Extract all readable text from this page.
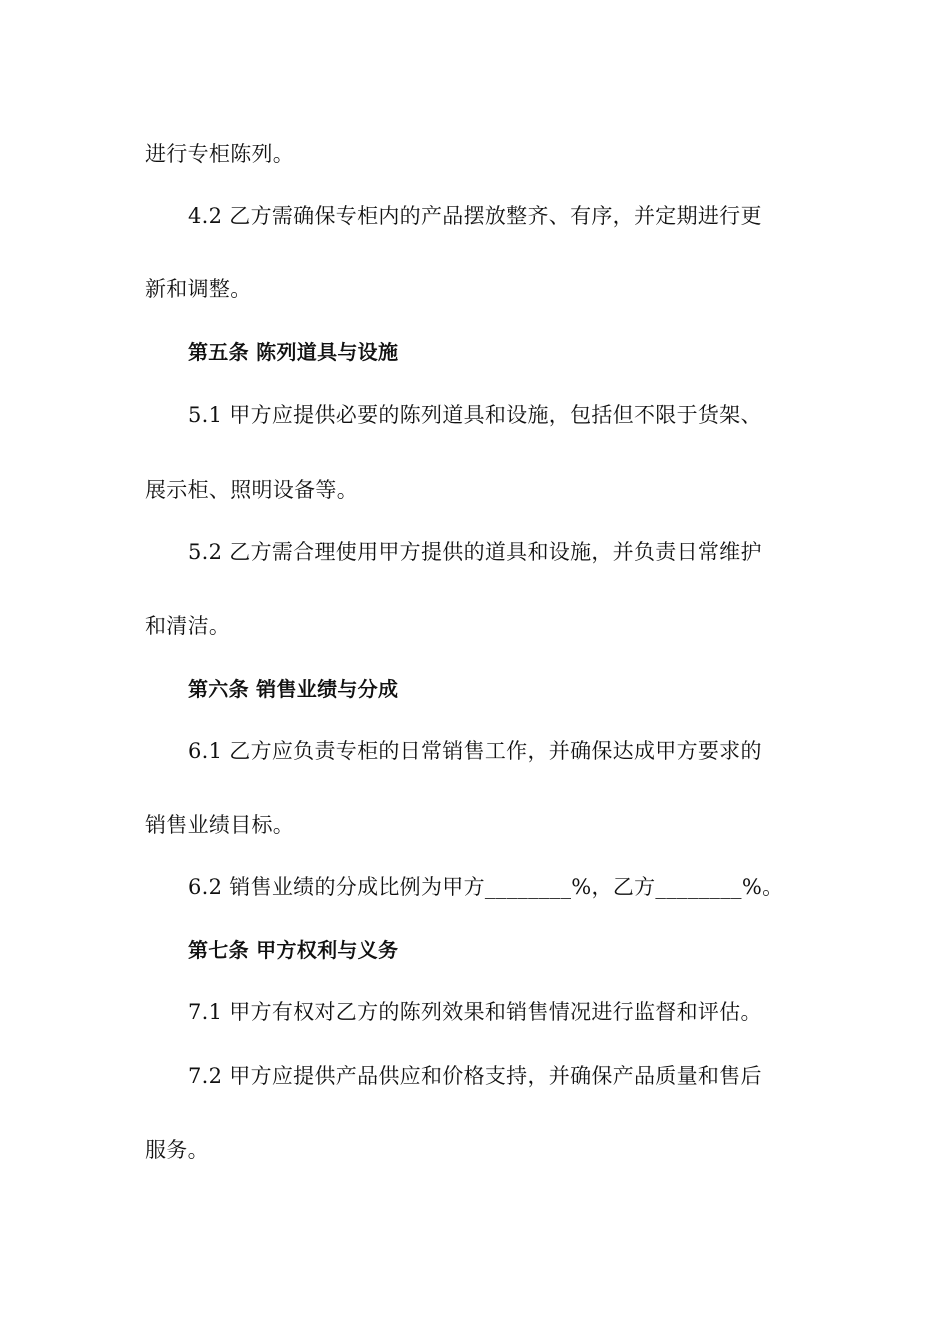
进行专柜陈列。
4.2 乙方需确保专柜内的产品摆放整齐、有序，并定期进行更
新和调整。
第五条 陈列道具与设施
5.1 甲方应提供必要的陈列道具和设施，包括但不限于货架、
展示柜、照明设备等。
5.2 乙方需合理使用甲方提供的道具和设施，并负责日常维护
和清洁。
第六条 销售业绩与分成
6.1 乙方应负责专柜的日常销售工作，并确保达成甲方要求的
销售业绩目标。
6.2 销售业绩的分成比例为甲方________%，乙方________%。
第七条 甲方权利与义务
7.1 甲方有权对乙方的陈列效果和销售情况进行监督和评估。
7.2 甲方应提供产品供应和价格支持，并确保产品质量和售后
服务。
